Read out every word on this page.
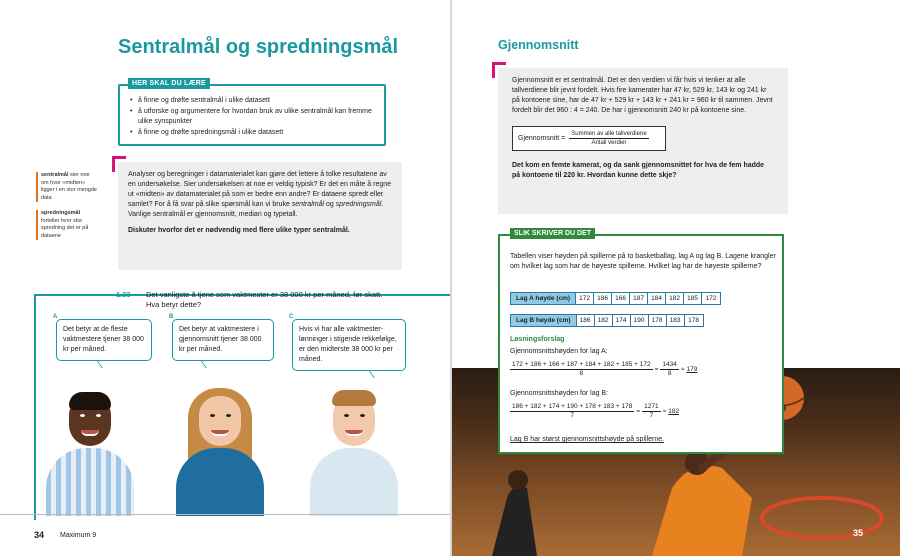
Sentralmål og spredningsmål
HER SKAL DU LÆRE
• å finne og drøfte sentralmål i ulike datasett
• å utforske og argumentere for hvordan bruk av ulike sentralmål kan fremme ulike synspunkter
• å finne og drøfte spredningsmål i ulike datasett
sentralmål sier noe om hvor «midten» ligger i en stor mengde data
spredningsmål
forteller hvor stor spredning det er på dataene

Analyser og beregninger i datamaterialet kan gjøre det lettere å tolke resultatene av en undersøkelse. Sier undersøkelsen at noe er veldig typisk? Er det en måte å regne ut «midten» av datamaterialet på som er bedre enn andre? Er dataene spredt eller samlet? For å få svar på slike spørsmål kan vi bruke sentralmål og spredningsmål. Vanlige sentralmål er gjennomsnitt, median og typetall.

Diskuter hvorfor det er nødvendig med flere ulike typer sentralmål.

1.33 Det vanligste å tjene som vaktmester er 38 000 kr per måned, før skatt. Hva betyr dette?
A
Det betyr at de fleste vaktmestere tjener 38 000 kr per måned.
B
Det betyr at vaktmestere i gjennomsnitt tjener 38 000 kr per måned.
C
Hvis vi har alle vaktmester-lønninger i stigende rekkefølge, er den midterste 38 000 kr per måned.
34 Maximum 9
Gjennomsnitt

Gjennomsnitt er et sentralmål. Det er den verdien vi får hvis vi tenker at alle tallverdiene blir jevnt fordelt. Hvis fire kamerater har 47 kr, 529 kr, 143 kr og 241 kr på kontoene sine, har de 47 kr + 529 kr + 143 kr + 241 kr = 960 kr til sammen. Jevnt fordelt blir det 960 : 4 = 240. De har i gjennomsnitt 240 kr på kontoene sine.

Gjennomsnitt = $\frac{\text{Summen av alle tallverdiene}}{\text{Antall verdier}}$

Det kom en femte kamerat, og da sank gjennomsnittet for hva de fem hadde på kontoene til 220 kr. Hvordan kunne dette skje?

35
SLIK SKRIVER DU DET
Tabellen viser høyden på spillerne på to basketballag, lag A og lag B. Lagene krangler om hvilket lag som har de høyeste spillerne. Hvilket lag har de høyeste spillerne?
Lag A høyde (cm)	172	186	166	187	184	182	185	172
Lag B høyde (cm)	186	182	174	190	178	183	178
Løsningsforslag
Gjennomsnittshøyden for lag A:
$\frac{172 + 186 + 166 + 187 + 184 + 182 + 185 + 172}{8} = \frac{1434}{8} \approx 179$
Gjennomsnittshøyden for lag B:
$\frac{186 + 182 + 174 + 190 + 178 + 183 + 178}{7} = \frac{1271}{7} \approx 182$
Lag B har størst gjennomsnittshøyde på spillerne.
